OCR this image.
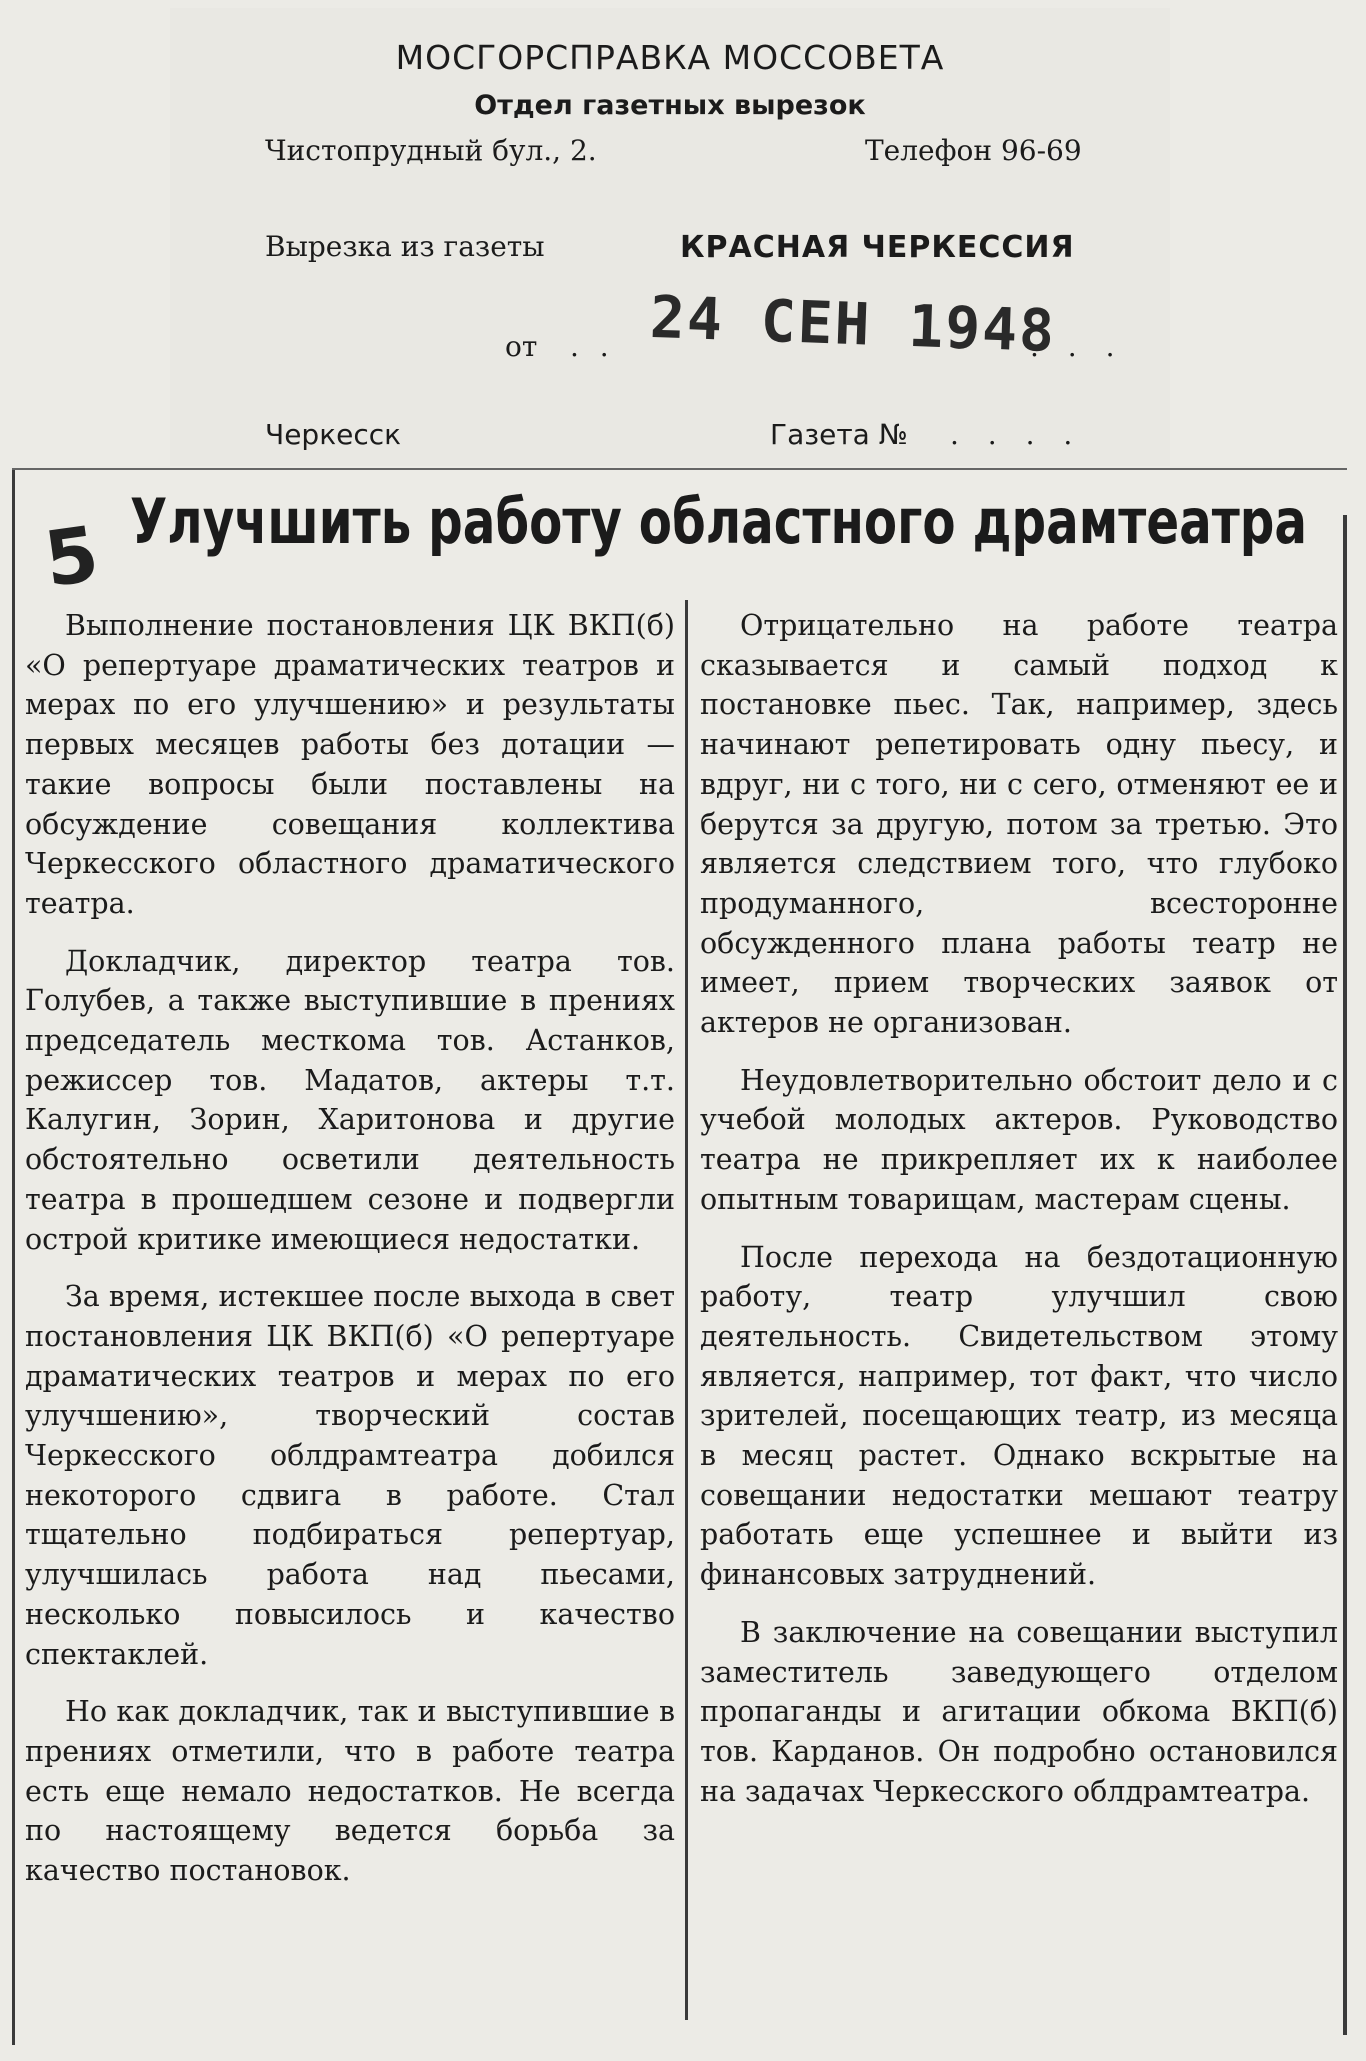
МОСГОРСПРАВКА МОССОВЕТА
Отдел газетных вырезок
Чистопрудный бул., 2.	Телефон 96-69
Вырезка из газеты	КРАСНАЯ ЧЕРКЕССИЯ
от . . 24 СЕН 1948
. . .
Черкесск	Газета № . . . .
5 Улучшить работу областного драмтеатра

Выполнение постановления ЦК ВКП(б) «О репертуаре драматических театров и мерах по его улучшению» и результаты первых месяцев работы без дотации — такие вопросы были поставлены на обсуждение совещания коллектива Черкесского областного драматического театра.

Докладчик, директор театра тов. Голубев, а также выступившие в прениях председатель месткома тов. Астанков, режиссер тов. Мадатов, актеры т.т. Калугин, Зорин, Харитонова и другие обстоятельно осветили деятельность театра в прошедшем сезоне и подвергли острой критике имеющиеся недостатки.

За время, истекшее после выхода в свет постановления ЦК ВКП(б) «О репертуаре драматических театров и мерах по его улучшению», творческий состав Черкесского облдрамтеатра добился некоторого сдвига в работе. Стал тщательно подбираться репертуар, улучшилась работа над пьесами, несколько повысилось и качество спектаклей.

Но как докладчик, так и выступившие в прениях отметили, что в работе театра есть еще немало недостатков. Не всегда по настоящему ведется борьба за качество постановок.

Отрицательно на работе театра сказывается и самый подход к постановке пьес. Так, например, здесь начинают репетировать одну пьесу, и вдруг, ни с того, ни с сего, отменяют ее и берутся за другую, потом за третью. Это является следствием того, что глубоко продуманного, всесторонне обсужденного плана работы театр не имеет, прием творческих заявок от актеров не организован.

Неудовлетворительно обстоит дело и с учебой молодых актеров. Руководство театра не прикрепляет их к наиболее опытным товарищам, мастерам сцены.

После перехода на бездотационную работу, театр улучшил свою деятельность. Свидетельством этому является, например, тот факт, что число зрителей, посещающих театр, из месяца в месяц растет. Однако вскрытые на совещании недостатки мешают театру работать еще успешнее и выйти из финансовых затруднений.

В заключение на совещании выступил заместитель заведующего отделом пропаганды и агитации обкома ВКП(б) тов. Карданов. Он подробно остановился на задачах Черкесского облдрамтеатра.
